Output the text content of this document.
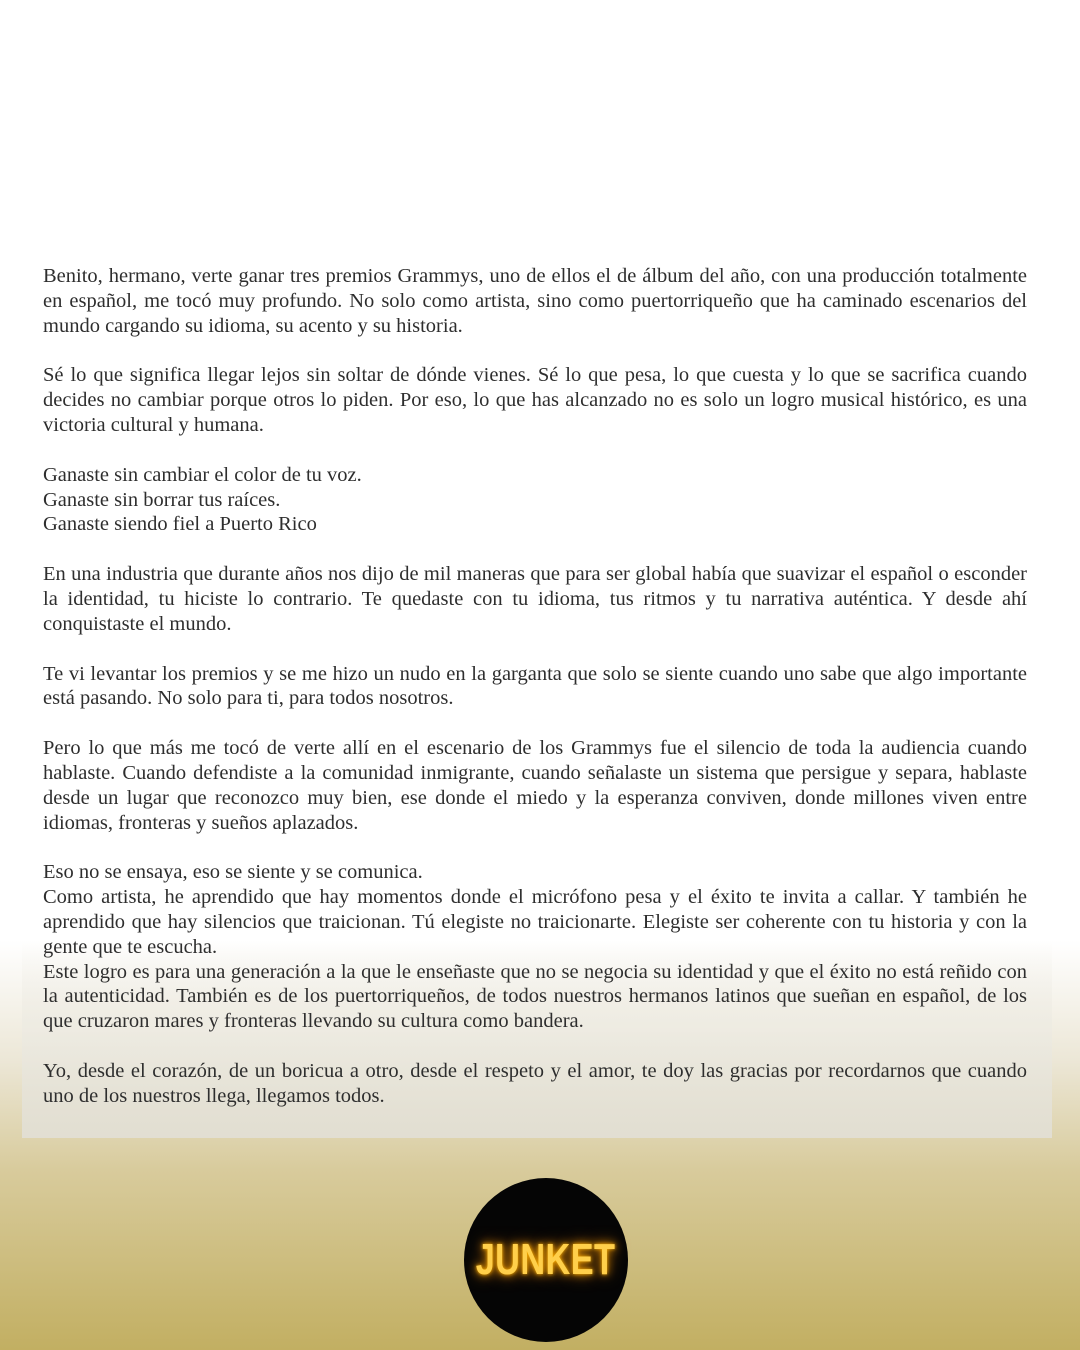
Benito, hermano, verte ganar tres premios Grammys, uno de ellos el de álbum del año, con una producción totalmente en español, me tocó muy profundo. No solo como artista, sino como puertorriqueño que ha caminado escenarios del mundo cargando su idioma, su acento y su historia.

Sé lo que significa llegar lejos sin soltar de dónde vienes. Sé lo que pesa, lo que cuesta y lo que se sacrifica cuando decides no cambiar porque otros lo piden. Por eso, lo que has alcanzado no es solo un logro musical histórico, es una victoria cultural y humana.

Ganaste sin cambiar el color de tu voz.
Ganaste sin borrar tus raíces.
Ganaste siendo fiel a Puerto Rico

En una industria que durante años nos dijo de mil maneras que para ser global había que suavizar el español o esconder la identidad, tu hiciste lo contrario. Te quedaste con tu idioma, tus ritmos y tu narrativa auténtica. Y desde ahí conquistaste el mundo.

Te vi levantar los premios y se me hizo un nudo en la garganta que solo se siente cuando uno sabe que algo importante está pasando. No solo para ti, para todos nosotros.

Pero lo que más me tocó de verte allí en el escenario de los Grammys fue el silencio de toda la audiencia cuando hablaste. Cuando defendiste a la comunidad inmigrante, cuando señalaste un sistema que persigue y separa, hablaste desde un lugar que reconozco muy bien, ese donde el miedo y la esperanza conviven, donde millones viven entre idiomas, fronteras y sueños aplazados.

Eso no se ensaya, eso se siente y se comunica.
Como artista, he aprendido que hay momentos donde el micrófono pesa y el éxito te invita a callar. Y también he aprendido que hay silencios que traicionan. Tú elegiste no traicionarte. Elegiste ser coherente con tu historia y con la gente que te escucha.
Este logro es para una generación a la que le enseñaste que no se negocia su identidad y que el éxito no está reñido con la autenticidad. También es de los puertorriqueños, de todos nuestros hermanos latinos que sueñan en español, de los que cruzaron mares y fronteras llevando su cultura como bandera.

Yo, desde el corazón, de un boricua a otro, desde el respeto y el amor, te doy las gracias por recordarnos que cuando uno de los nuestros llega, llegamos todos.

JUNKET
